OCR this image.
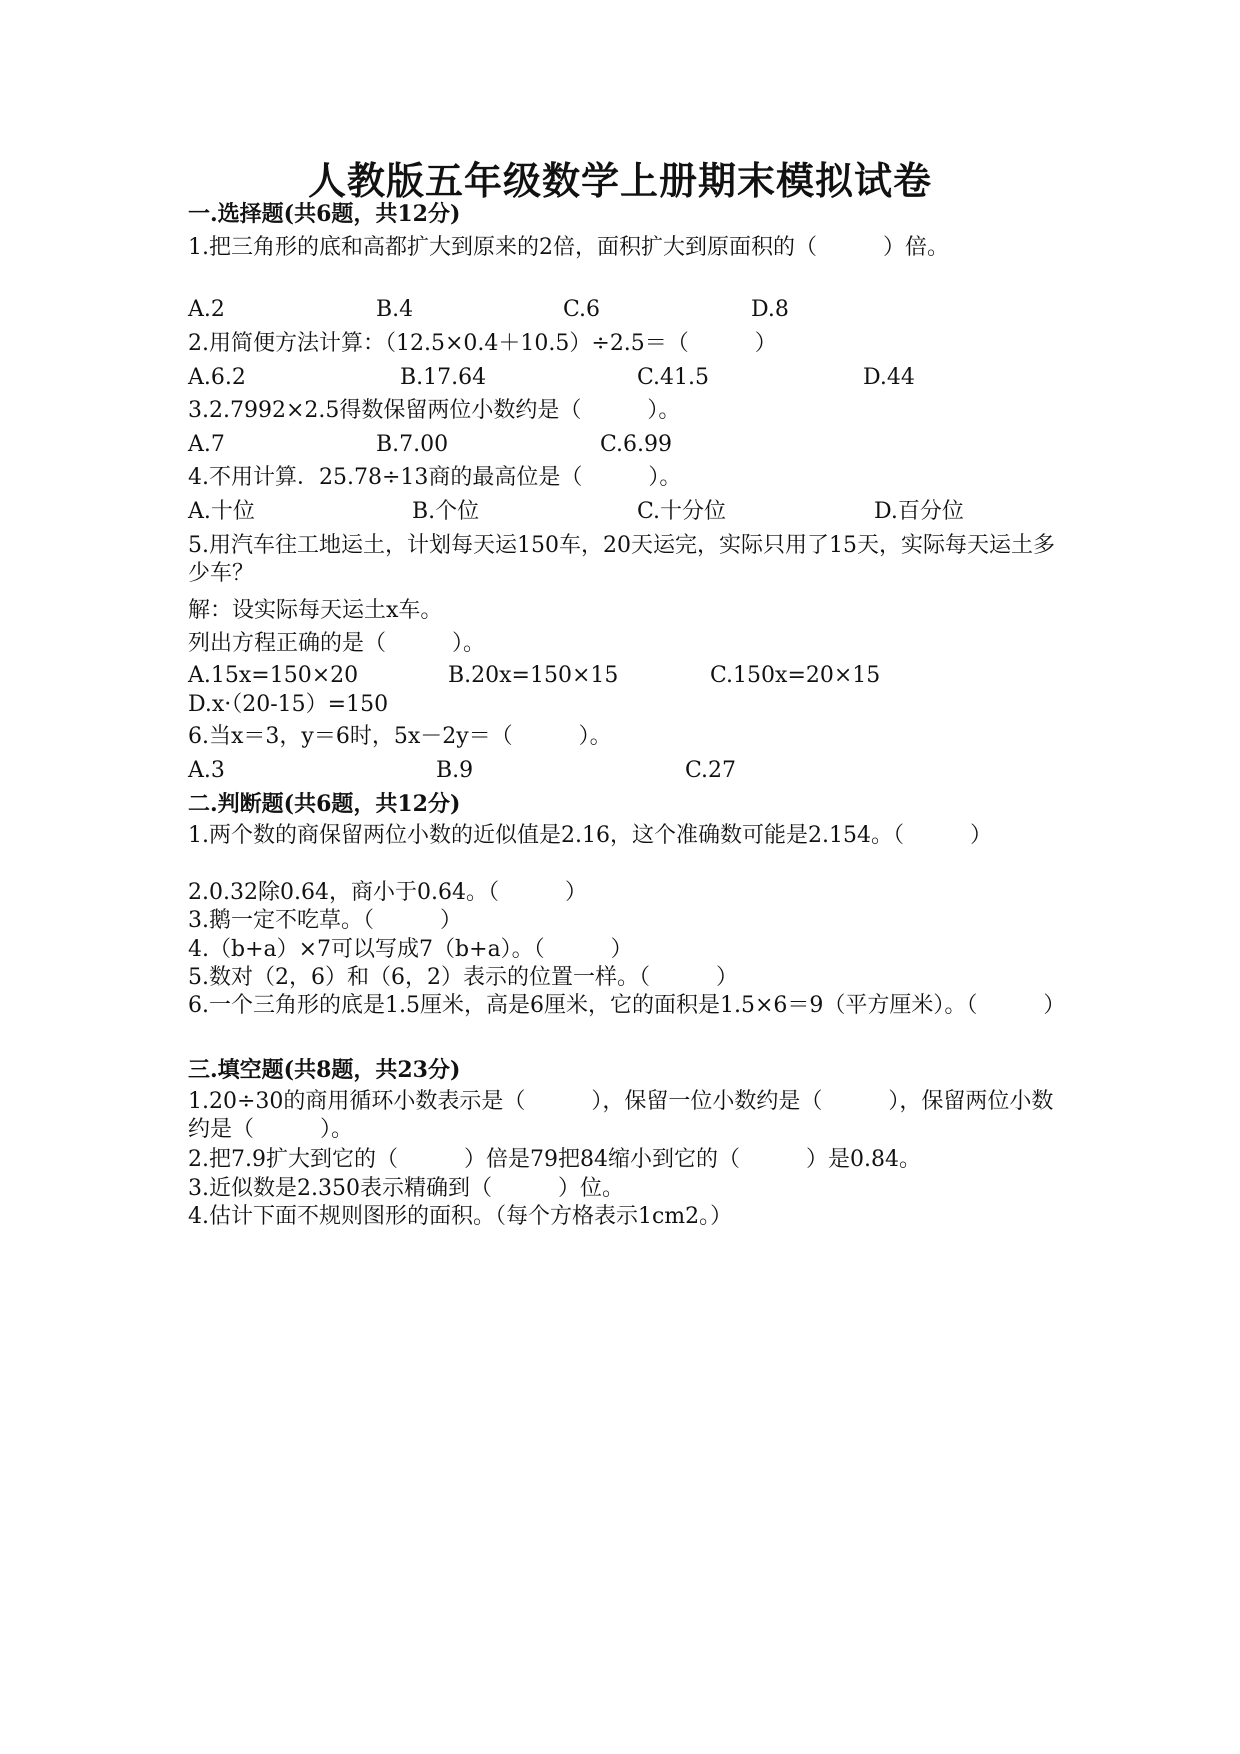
人教版五年级数学上册期末模拟试卷
一.选择题(共6题，共12分)
1.把三角形的底和高都扩大到原来的2倍，面积扩大到原面积的（　　　）倍。
A.2	B.4	C.6	D.8
2.用简便方法计算：（12.5×0.4＋10.5）÷2.5＝（　　　）
A.6.2	B.17.64	C.41.5	D.44
3.2.7992×2.5得数保留两位小数约是（　　　）。
A.7	B.7.00	C.6.99
4.不用计算．25.78÷13商的最高位是（　　　）。
A.十位	B.个位	C.十分位	D.百分位
5.用汽车往工地运土，计划每天运150车，20天运完，实际只用了15天，实际每天运土多少车？
解：设实际每天运土x车。
列出方程正确的是（　　　）。
A.15x=150×20	B.20x=150×15	C.150x=20×15
D.x·（20-15）=150
6.当x＝3，y＝6时，5x－2y＝（　　　）。
A.3	B.9	C.27
二.判断题(共6题，共12分)
1.两个数的商保留两位小数的近似值是2.16，这个准确数可能是2.154。（　　　）
2.0.32除0.64，商小于0.64。（　　　）
3.鹅一定不吃草。（　　　）
4.（b+a）×7可以写成7（b+a）。（　　　）
5.数对（2，6）和（6，2）表示的位置一样。（　　　）
6.一个三角形的底是1.5厘米，高是6厘米，它的面积是1.5×6＝9（平方厘米）。（　　　）
三.填空题(共8题，共23分)
1.20÷30的商用循环小数表示是（　　　），保留一位小数约是（　　　），保留两位小数约是（　　　）。
2.把7.9扩大到它的（　　　）倍是79把84缩小到它的（　　　）是0.84。
3.近似数是2.350表示精确到（　　　）位。
4.估计下面不规则图形的面积。（每个方格表示1cm2。）
